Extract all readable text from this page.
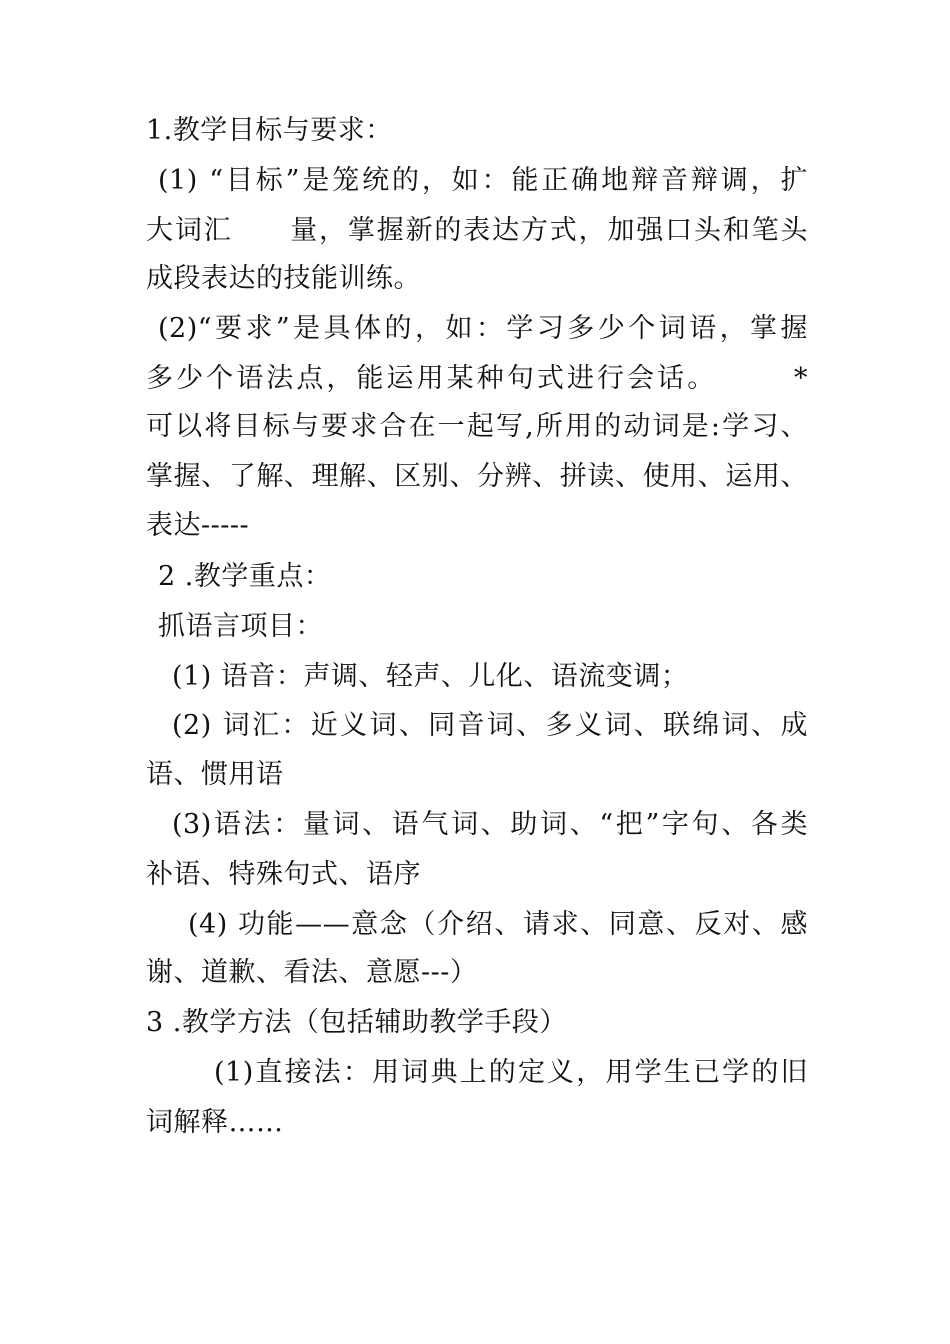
1.教学目标与要求：
(1) “目标”是笼统的，如：能正确地辩音辩调，扩
大词汇　　量，掌握新的表达方式，加强口头和笔头
成段表达的技能训练。
(2)“要求”是具体的，如：学习多少个词语，掌握
多少个语法点，能运用某种句式进行会话。　　　*
可以将目标与要求合在一起写,所用的动词是:学习、
掌握、了解、理解、区别、分辨、拼读、使用、运用、
表达-----
2 .教学重点：
抓语言项目：
(1) 语音：声调、轻声、儿化、语流变调；
(2) 词汇：近义词、同音词、多义词、联绵词、成
语、惯用语
(3)语法：量词、语气词、助词、“把”字句、各类
补语、特殊句式、语序
(4) 功能——意念（介绍、请求、同意、反对、感
谢、道歉、看法、意愿---）
3 .教学方法（包括辅助教学手段）
(1)直接法：用词典上的定义，用学生已学的旧
词解释……
